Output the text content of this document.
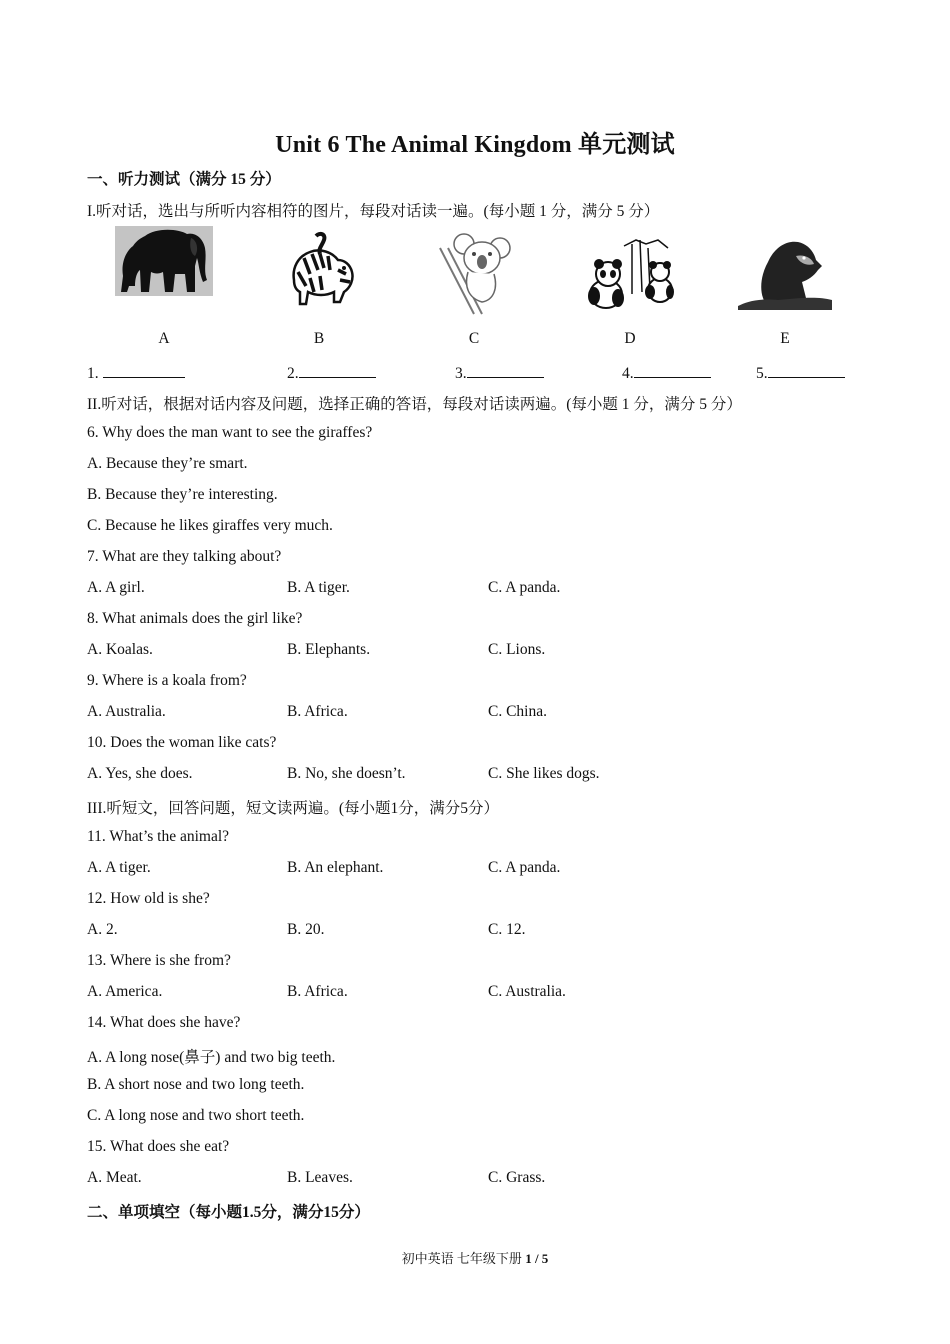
Unit 6 The Animal Kingdom 单元测试
一、听力测试（满分 15 分）
I.听对话，选出与所听内容相符的图片，每段对话读一遍。(每小题 1 分，满分 5 分）
A	B	C	D	E
1.	2.	3.	4.	5.
II.听对话，根据对话内容及问题，选择正确的答语，每段对话读两遍。(每小题 1 分，满分 5 分）
6. Why does the man want to see the giraffes?
A. Because they’re smart.
B. Because they’re interesting.
C. Because he likes giraffes very much.
7. What are they talking about?
A. A girl.	B. A tiger.	C. A panda.
8. What animals does the girl like?
A. Koalas.	B. Elephants.	C. Lions.
9. Where is a koala from?
A. Australia.	B. Africa.	C. China.
10. Does the woman like cats?
A. Yes, she does.	B. No, she doesn’t.	C. She likes dogs.
III.听短文，回答问题，短文读两遍。(每小题1分，满分5分）
11. What’s the animal?
A. A tiger.	B. An elephant.	C. A panda.
12. How old is she?
A. 2.	B. 20.	C. 12.
13. Where is she from?
A. America.	B. Africa.	C. Australia.
14. What does she have?
A. A long nose(鼻子) and two big teeth.
B. A short nose and two long teeth.
C. A long nose and two short teeth.
15. What does she eat?
A. Meat.	B. Leaves.	C. Grass.
二、单项填空（每小题1.5分，满分15分）
初中英语 七年级下册 1 / 5
